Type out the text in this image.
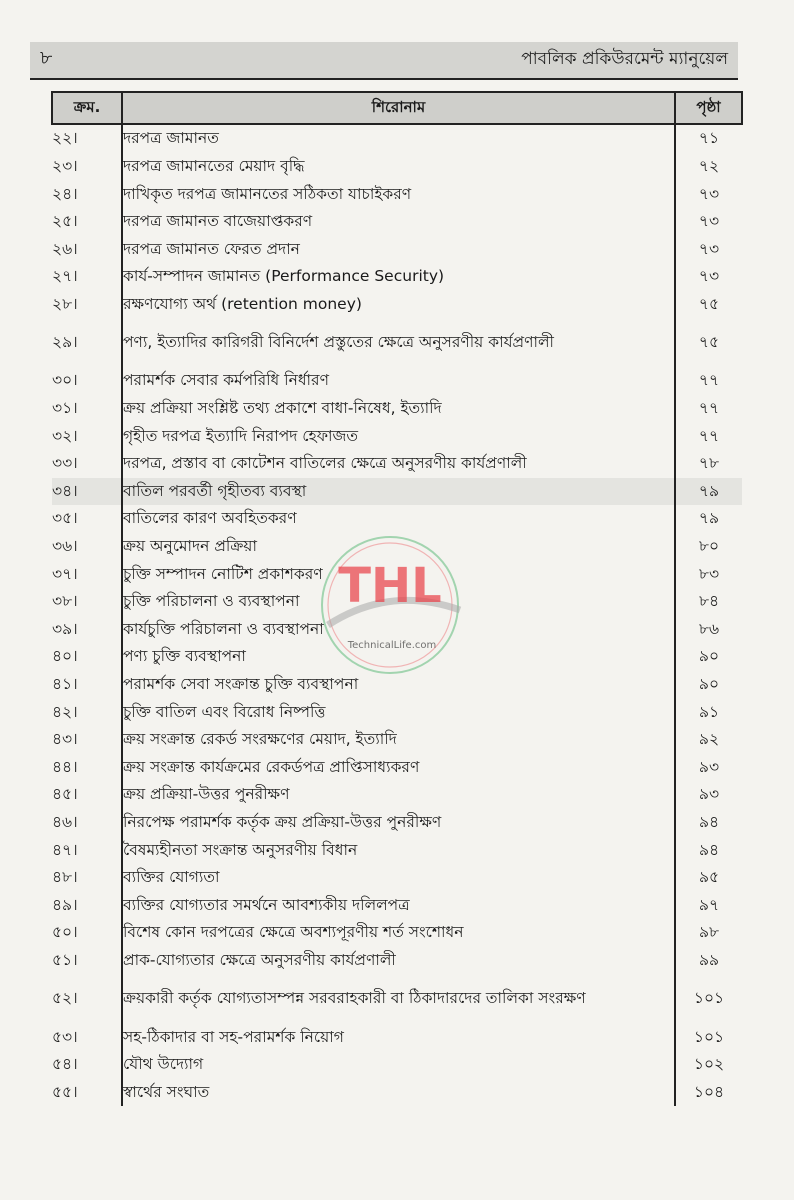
৮	পাবলিক প্রকিউরমেন্ট ম্যানুয়েল
ক্রম.	শিরোনাম	পৃষ্ঠা
২২।	দরপত্র জামানত	৭১
২৩।	দরপত্র জামানতের মেয়াদ বৃদ্ধি	৭২
২৪।	দাখিকৃত দরপত্র জামানতের সঠিকতা যাচাইকরণ	৭৩
২৫।	দরপত্র জামানত বাজেয়াপ্তকরণ	৭৩
২৬।	দরপত্র জামানত ফেরত প্রদান	৭৩
২৭।	কার্য-সম্পাদন জামানত (Performance Security)	৭৩
২৮।	রক্ষণযোগ্য অর্থ (retention money)	৭৫
২৯।	পণ্য, ইত্যাদির কারিগরী বিনির্দেশ প্রস্তুতের ক্ষেত্রে অনুসরণীয় কার্যপ্রণালী	৭৫
৩০।	পরামর্শক সেবার কর্মপরিধি নির্ধারণ	৭৭
৩১।	ক্রয় প্রক্রিয়া সংশ্লিষ্ট তথ্য প্রকাশে বাধা-নিষেধ, ইত্যাদি	৭৭
৩২।	গৃহীত দরপত্র ইত্যাদি নিরাপদ হেফাজত	৭৭
৩৩।	দরপত্র, প্রস্তাব বা কোটেশন বাতিলের ক্ষেত্রে অনুসরণীয় কার্যপ্রণালী	৭৮
৩৪।	বাতিল পরবর্তী গৃহীতব্য ব্যবস্থা	৭৯
৩৫।	বাতিলের কারণ অবহিতকরণ	৭৯
৩৬।	ক্রয় অনুমোদন প্রক্রিয়া	৮০
৩৭।	চুক্তি সম্পাদন নোটিশ প্রকাশকরণ	৮৩
৩৮।	চুক্তি পরিচালনা ও ব্যবস্থাপনা	৮৪
৩৯।	কার্যচুক্তি পরিচালনা ও ব্যবস্থাপনা	৮৬
৪০।	পণ্য চুক্তি ব্যবস্থাপনা	৯০
৪১।	পরামর্শক সেবা সংক্রান্ত চুক্তি ব্যবস্থাপনা	৯০
৪২।	চুক্তি বাতিল এবং বিরোধ নিষ্পত্তি	৯১
৪৩।	ক্রয় সংক্রান্ত রেকর্ড সংরক্ষণের মেয়াদ, ইত্যাদি	৯২
৪৪।	ক্রয় সংক্রান্ত কার্যক্রমের রেকর্ডপত্র প্রাপ্তিসাধ্যকরণ	৯৩
৪৫।	ক্রয় প্রক্রিয়া-উত্তর পুনরীক্ষণ	৯৩
৪৬।	নিরপেক্ষ পরামর্শক কর্তৃক ক্রয় প্রক্রিয়া-উত্তর পুনরীক্ষণ	৯৪
৪৭।	বৈষম্যহীনতা সংক্রান্ত অনুসরণীয় বিধান	৯৪
৪৮।	ব্যক্তির যোগ্যতা	৯৫
৪৯।	ব্যক্তির যোগ্যতার সমর্থনে আবশ্যকীয় দলিলপত্র	৯৭
৫০।	বিশেষ কোন দরপত্রের ক্ষেত্রে অবশ্যপূরণীয় শর্ত সংশোধন	৯৮
৫১।	প্রাক-যোগ্যতার ক্ষেত্রে অনুসরণীয় কার্যপ্রণালী	৯৯
৫২।	ক্রয়কারী কর্তৃক যোগ্যতাসম্পন্ন সরবরাহকারী বা ঠিকাদারদের তালিকা সংরক্ষণ	১০১
৫৩।	সহ-ঠিকাদার বা সহ-পরামর্শক নিয়োগ	১০১
৫৪।	যৌথ উদ্যোগ	১০২
৫৫।	স্বার্থের সংঘাত	১০৪
THL
TechnicalLife.com
